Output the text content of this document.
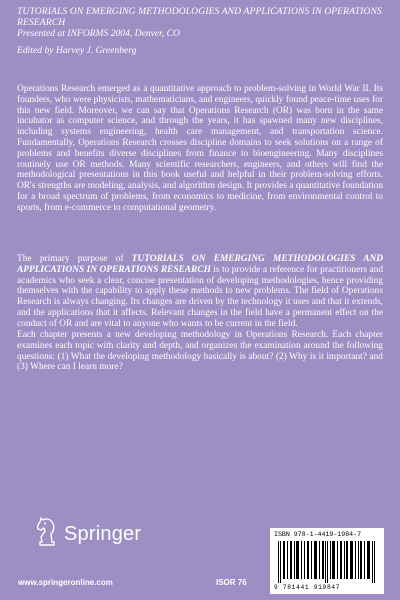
TUTORIALS ON EMERGING METHODOLOGIES AND APPLICATIONS IN OPERATIONS RESEARCH

Presented at INFORMS 2004, Denver, CO

Edited by Harvey J. Greenberg

Operations Research emerged as a quantitative approach to problem-solving in World War II. Its founders, who were physicists, mathematicians, and engineers, quickly found peace-time uses for this new field. Moreover, we can say that Operations Research (OR) was born in the same incubator as computer science, and through the years, it has spawned many new disciplines, including systems engineering, health care management, and transportation science. Fundamentally, Operations Research crosses discipline domains to seek solutions on a range of problems and benefits diverse disciplines from finance to bioengineering. Many disciplines routinely use OR methods. Many scientific researchers, engineers, and others will find the methodological presentations in this book useful and helpful in their problem-solving efforts. OR's strengths are modeling, analysis, and algorithm design. It provides a quantitative foundation for a broad spectrum of problems, from economics to medicine, from environmental control to sports, from e-commerce to computational geometry.

The primary purpose of TUTORIALS ON EMERGING METHODOLOGIES AND APPLICATIONS IN OPERATIONS RESEARCH is to provide a reference for practitioners and academics who seek a clear, concise presentation of developing methodologies, hence providing themselves with the capability to apply these methods to new problems. The field of Operations Research is always changing. Its changes are driven by the technology it uses and that it extends, and the applications that it affects. Relevant changes in the field have a permanent effect on the conduct of OR and are vital to anyone who wants to be current in the field.

Each chapter presents a new developing methodology in Operations Research. Each chapter examines each topic with clarity and depth, and organizes the examination around the following questions: (1) What the developing methodology basically is about? (2) Why is it important? and (3) Where can I learn more?

Springer
www.springeronline.com	ISOR 76
ISBN 978-1-4419-1984-7
9 781441 919847
